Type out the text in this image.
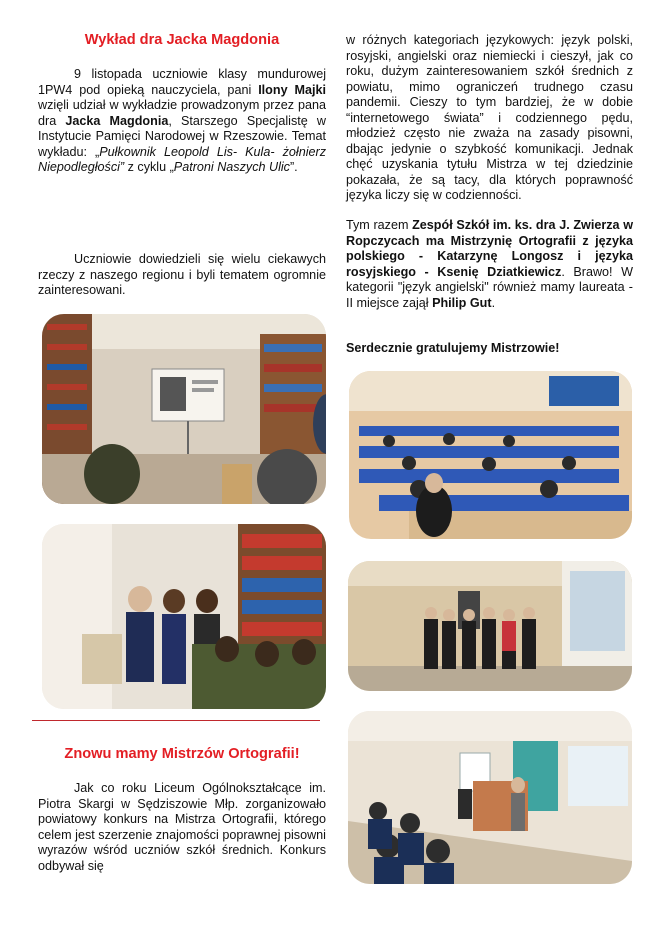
Wykład dra Jacka Magdonia

9 listopada uczniowie klasy mundurowej 1PW4 pod opieką nauczyciela, pani Ilony Majki wzięli udział w wykładzie prowadzonym przez pana dra Jacka Magdonia, Starszego Specjalistę w Instytucie Pamięci Narodowej w Rzeszowie. Temat wykładu: „Pułkownik Leopold Lis- Kula- żołnierz Niepodległości” z cyklu „Patroni Naszych Ulic”.

Uczniowie dowiedzieli się wielu ciekawych rzeczy z naszego regionu i byli tematem ogromnie zainteresowani.

Znowu mamy Mistrzów Ortografii!

Jak co roku Liceum Ogólnokształcące im. Piotra Skargi w Sędziszowie Młp. zorganizowało powiatowy konkurs na Mistrza Ortografii, którego celem jest szerzenie znajomości poprawnej pisowni wyrazów wśród uczniów szkół średnich. Konkurs odbywał się

w różnych kategoriach językowych: język polski, rosyjski, angielski oraz niemiecki i cieszył, jak co roku, dużym zainteresowaniem szkół średnich z powiatu, mimo ograniczeń trudnego czasu pandemii. Cieszy to tym bardziej, że w dobie “internetowego świata” i codziennego pędu, młodzież często nie zważa na zasady pisowni, dbając jedynie o szybkość komunikacji. Jednak chęć uzyskania tytułu Mistrza w tej dziedzinie pokazała, że są tacy, dla których poprawność języka liczy się w codzienności.

Tym razem Zespół Szkół im. ks. dra J. Zwierza w Ropczycach ma Mistrzynię Ortografii z języka polskiego - Katarzynę Longosz i języka rosyjskiego - Ksenię Dziatkiewicz. Brawo! W kategorii "język angielski" również mamy laureata - II miejsce zajął Philip Gut.

Serdecznie gratulujemy Mistrzowie!
